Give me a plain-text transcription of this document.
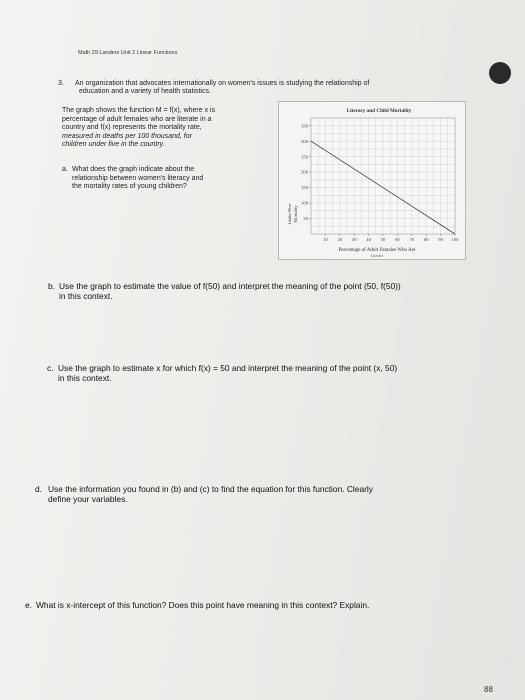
Math 29 Landers Unit 2 Linear Functions
3.	An organization that advocates internationally on women's issues is studying the relationship of
education and a variety of health statistics.
The graph shows the function M = f(x), where x is
percentage of adult females who are literate in a
country and f(x) represents the mortality rate,
measured in deaths per 100 thousand, for
children under five in the country.
a. What does the graph indicate about the
relationship between women's literacy and
the mortality rates of young children?
Literacy and Child Mortality
50
100
150
200
250
300
350
10 20 30 40 50 60 70 80 90 100
Under-Five Mortality
Percentage of Adult Females Who Are
Literate
b. Use the graph to estimate the value of f(50) and interpret the meaning of the point (50, f(50))
in this context.
c. Use the graph to estimate x for which f(x) = 50 and interpret the meaning of the point (x, 50)
in this context.
d. Use the information you found in (b) and (c) to find the equation for this function. Clearly
define your variables.
e. What is x-intercept of this function? Does this point have meaning in this context? Explain.
88
